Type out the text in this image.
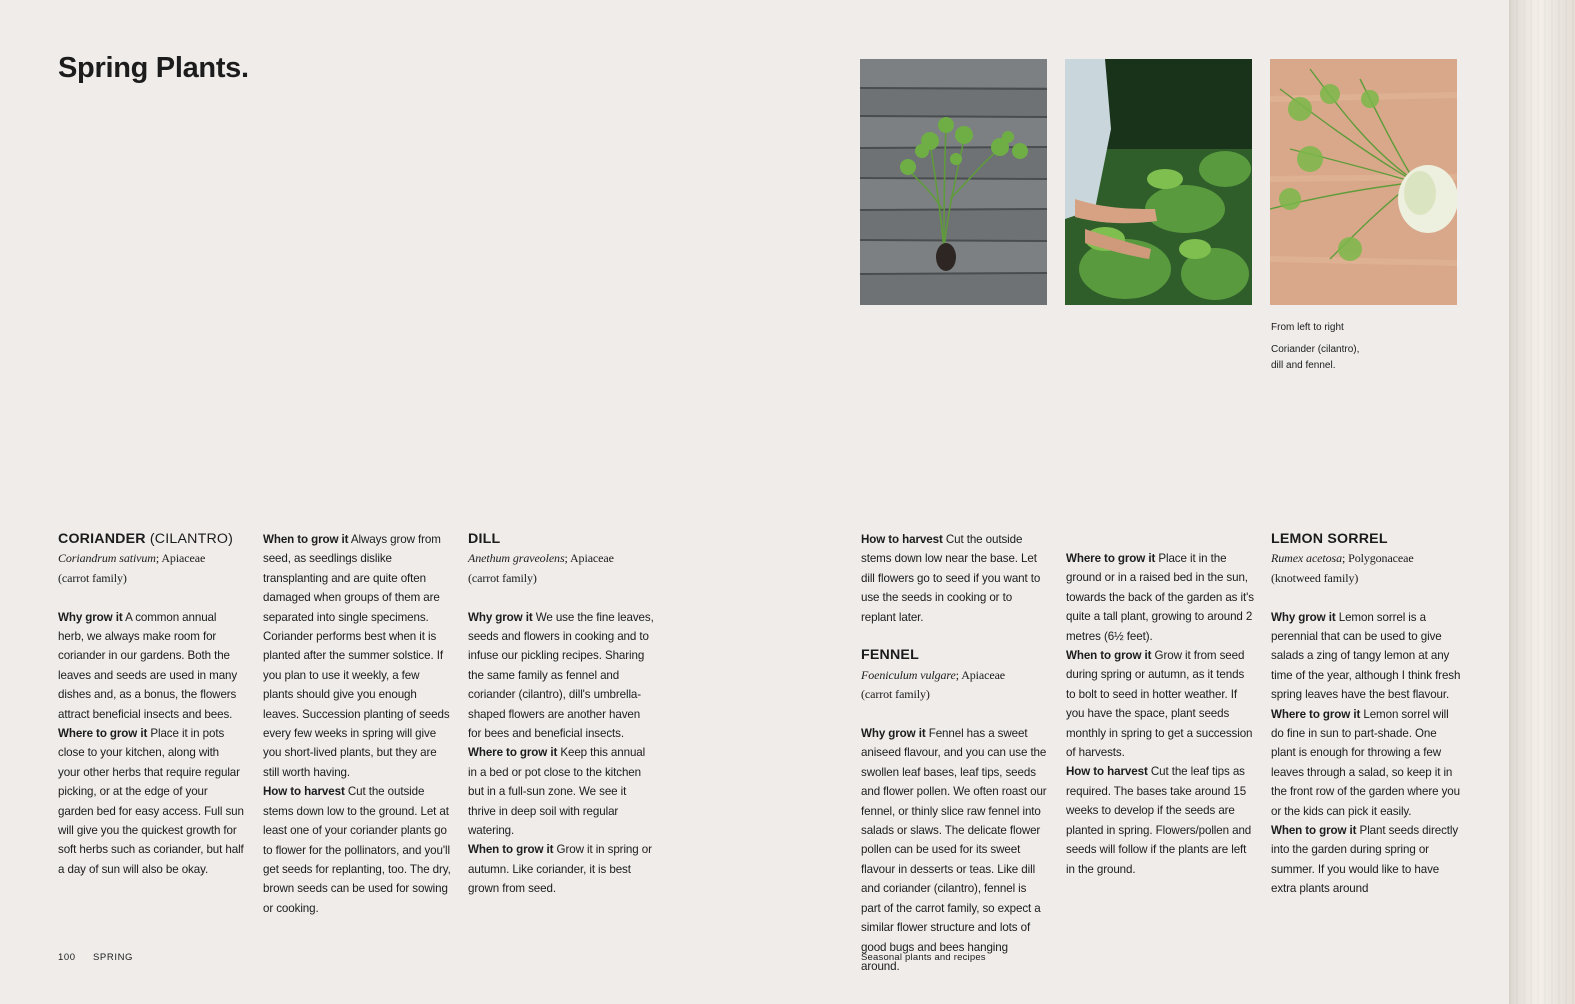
Spring Plants.

From left to right

Coriander (cilantro),
dill and fennel.
CORIANDER (CILANTRO)

Coriandrum sativum; Apiaceae

(carrot family)

Why grow it A common annual herb, we always make room for coriander in our gardens. Both the leaves and seeds are used in many dishes and, as a bonus, the flowers attract beneficial insects and bees.

Where to grow it Place it in pots close to your kitchen, along with your other herbs that require regular picking, or at the edge of your garden bed for easy access. Full sun will give you the quickest growth for soft herbs such as coriander, but half a day of sun will also be okay.

When to grow it Always grow from seed, as seedlings dislike transplanting and are quite often damaged when groups of them are separated into single specimens. Coriander performs best when it is planted after the summer solstice. If you plan to use it weekly, a few plants should give you enough leaves. Succession planting of seeds every few weeks in spring will give you short-lived plants, but they are still worth having.

How to harvest Cut the outside stems down low to the ground. Let at least one of your coriander plants go to flower for the pollinators, and you'll get seeds for replanting, too. The dry, brown seeds can be used for sowing or cooking.

DILL

Anethum graveolens; Apiaceae

(carrot family)

Why grow it We use the fine leaves, seeds and flowers in cooking and to infuse our pickling recipes. Sharing the same family as fennel and coriander (cilantro), dill's umbrella-shaped flowers are another haven for bees and beneficial insects.

Where to grow it Keep this annual in a bed or pot close to the kitchen but in a full-sun zone. We see it thrive in deep soil with regular watering.

When to grow it Grow it in spring or autumn. Like coriander, it is best grown from seed.

How to harvest Cut the outside stems down low near the base. Let dill flowers go to seed if you want to use the seeds in cooking or to replant later.

FENNEL

Foeniculum vulgare; Apiaceae

(carrot family)

Why grow it Fennel has a sweet aniseed flavour, and you can use the swollen leaf bases, leaf tips, seeds and flower pollen. We often roast our fennel, or thinly slice raw fennel into salads or slaws. The delicate flower pollen can be used for its sweet flavour in desserts or teas. Like dill and coriander (cilantro), fennel is part of the carrot family, so expect a similar flower structure and lots of good bugs and bees hanging around.

Where to grow it Place it in the ground or in a raised bed in the sun, towards the back of the garden as it's quite a tall plant, growing to around 2 metres (6½ feet).

When to grow it Grow it from seed during spring or autumn, as it tends to bolt to seed in hotter weather. If you have the space, plant seeds monthly in spring to get a succession of harvests.

How to harvest Cut the leaf tips as required. The bases take around 15 weeks to develop if the seeds are planted in spring. Flowers/pollen and seeds will follow if the plants are left in the ground.

LEMON SORREL

Rumex acetosa; Polygonaceae

(knotweed family)

Why grow it Lemon sorrel is a perennial that can be used to give salads a zing of tangy lemon at any time of the year, although I think fresh spring leaves have the best flavour.

Where to grow it Lemon sorrel will do fine in sun to part-shade. One plant is enough for throwing a few leaves through a salad, so keep it in the front row of the garden where you or the kids can pick it easily.

When to grow it Plant seeds directly into the garden during spring or summer. If you would like to have extra plants around

100 SPRING	Seasonal plants and recipes
